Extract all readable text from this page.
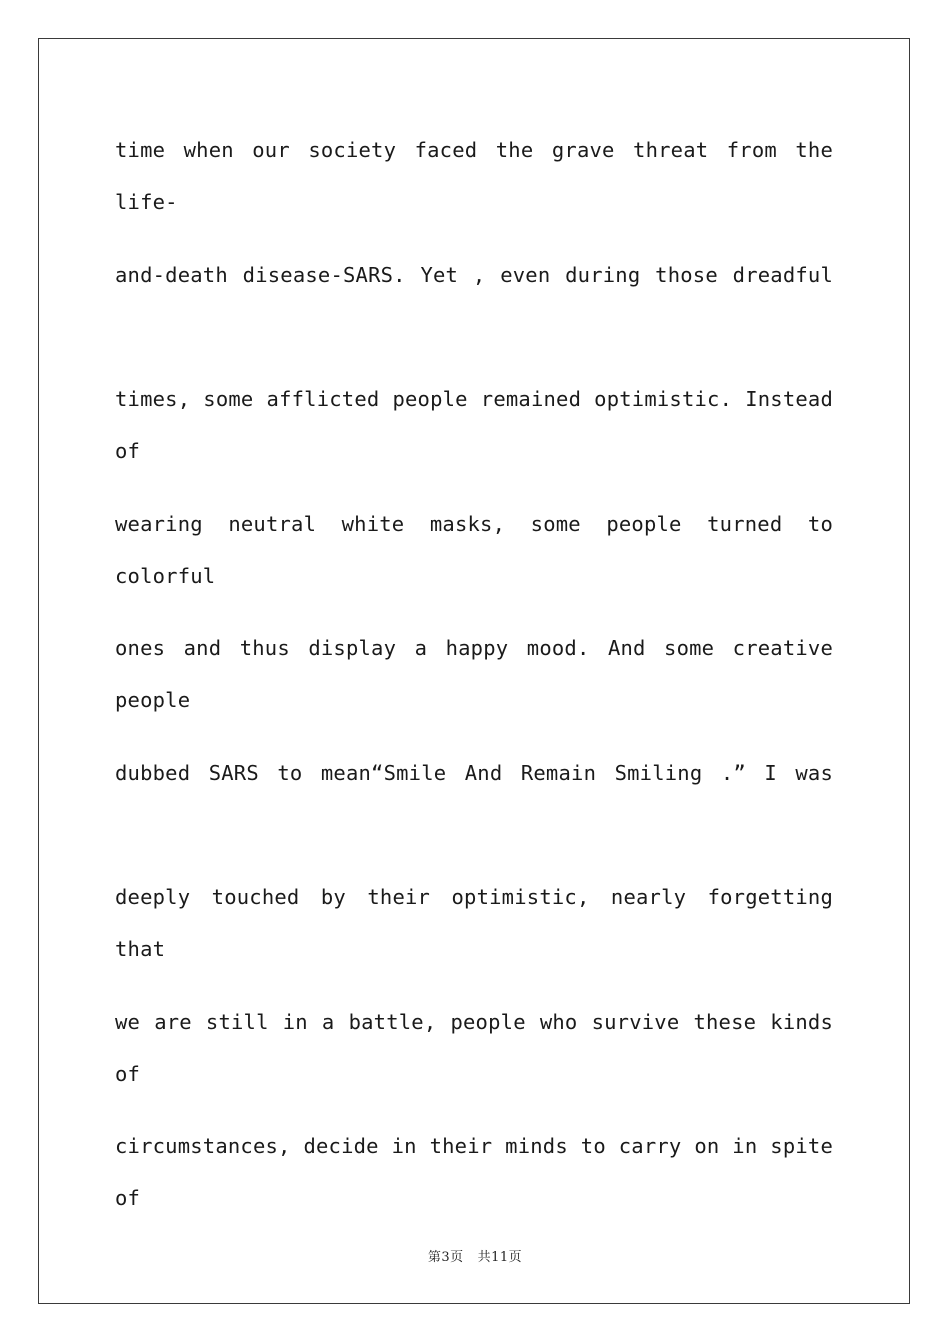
time when our society faced the grave threat from the life-
and-death disease-SARS. Yet , even during those dreadful
times, some afflicted people remained optimistic. Instead of
wearing neutral white masks, some people turned to colorful
ones and thus display a happy mood. And some creative people
dubbed SARS to mean“Smile And Remain Smiling .” I was
deeply touched by their optimistic, nearly forgetting that
we are still in a battle, people who survive these kinds of
circumstances, decide in their minds to carry on in spite of
第3页 共11页
